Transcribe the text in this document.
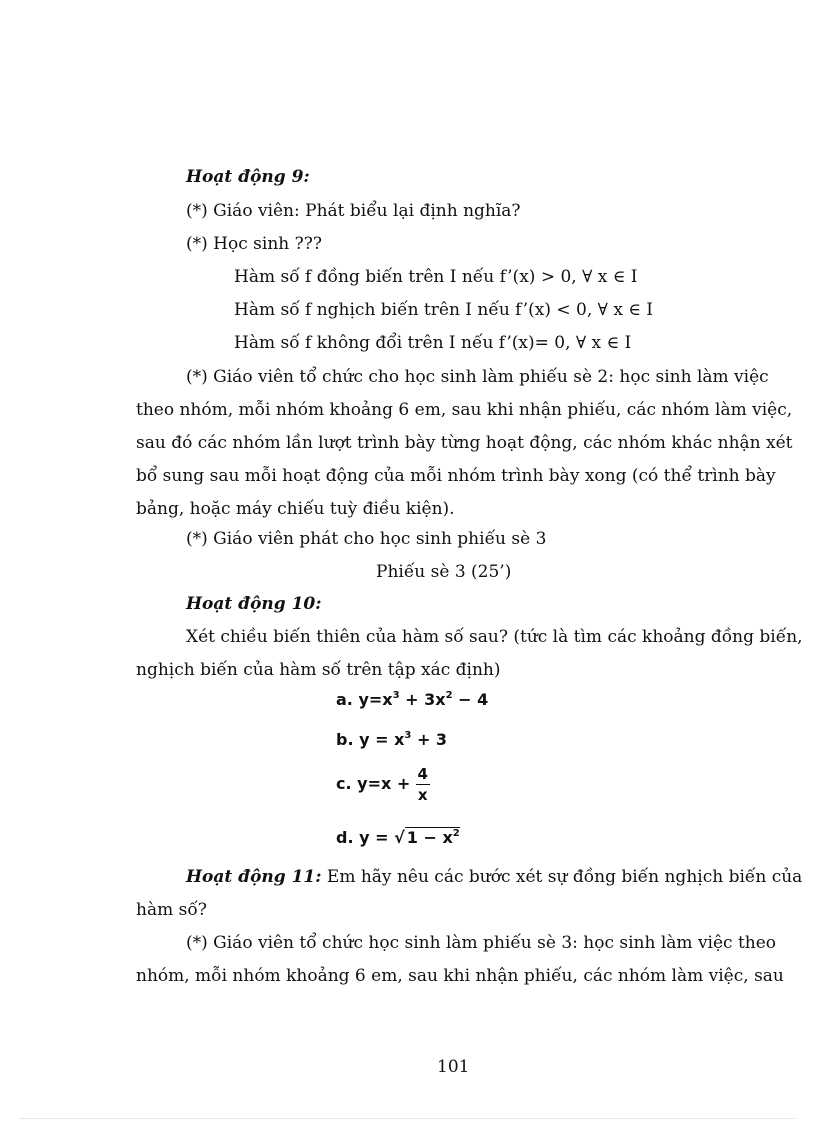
Hoạt động 9:
(*) Giáo viên: Phát biểu lại định nghĩa?
(*) Học sinh ???
Hàm số f đồng biến trên I nếu f’(x) > 0, ∀ x ∈ I
Hàm số f nghịch biến trên I nếu f’(x) < 0, ∀ x ∈ I
Hàm số f không đổi trên I nếu f’(x)= 0, ∀ x ∈ I
(*) Giáo viên tổ chức cho học sinh làm phiếu sè 2: học sinh làm việc
theo nhóm, mỗi nhóm khoảng 6 em, sau khi nhận phiếu, các nhóm làm việc,
sau đó các nhóm lần lượt trình bày từng hoạt động, các nhóm khác nhận xét
bổ sung sau mỗi hoạt động của mỗi nhóm trình bày xong (có thể trình bày
bảng, hoặc máy chiếu tuỳ điều kiện).
(*) Giáo viên phát cho học sinh phiếu sè 3
Phiếu sè 3 (25’)
Hoạt động 10:
Xét chiều biến thiên của hàm số sau? (tức là tìm các khoảng đồng biến,
nghịch biến của hàm số trên tập xác định)
a. $y=x^3 + 3x^2 - 4$
b. $y = x^3 + 3$
c. $y=x + \frac{4}{x}$
d. y = √ $1 - x^2$
Hoạt động 11: Em hãy nêu các bước xét sự đồng biến nghịch biến của
hàm số?
(*) Giáo viên tổ chức học sinh làm phiếu sè 3: học sinh làm việc theo
nhóm, mỗi nhóm khoảng 6 em, sau khi nhận phiếu, các nhóm làm việc, sau
101
